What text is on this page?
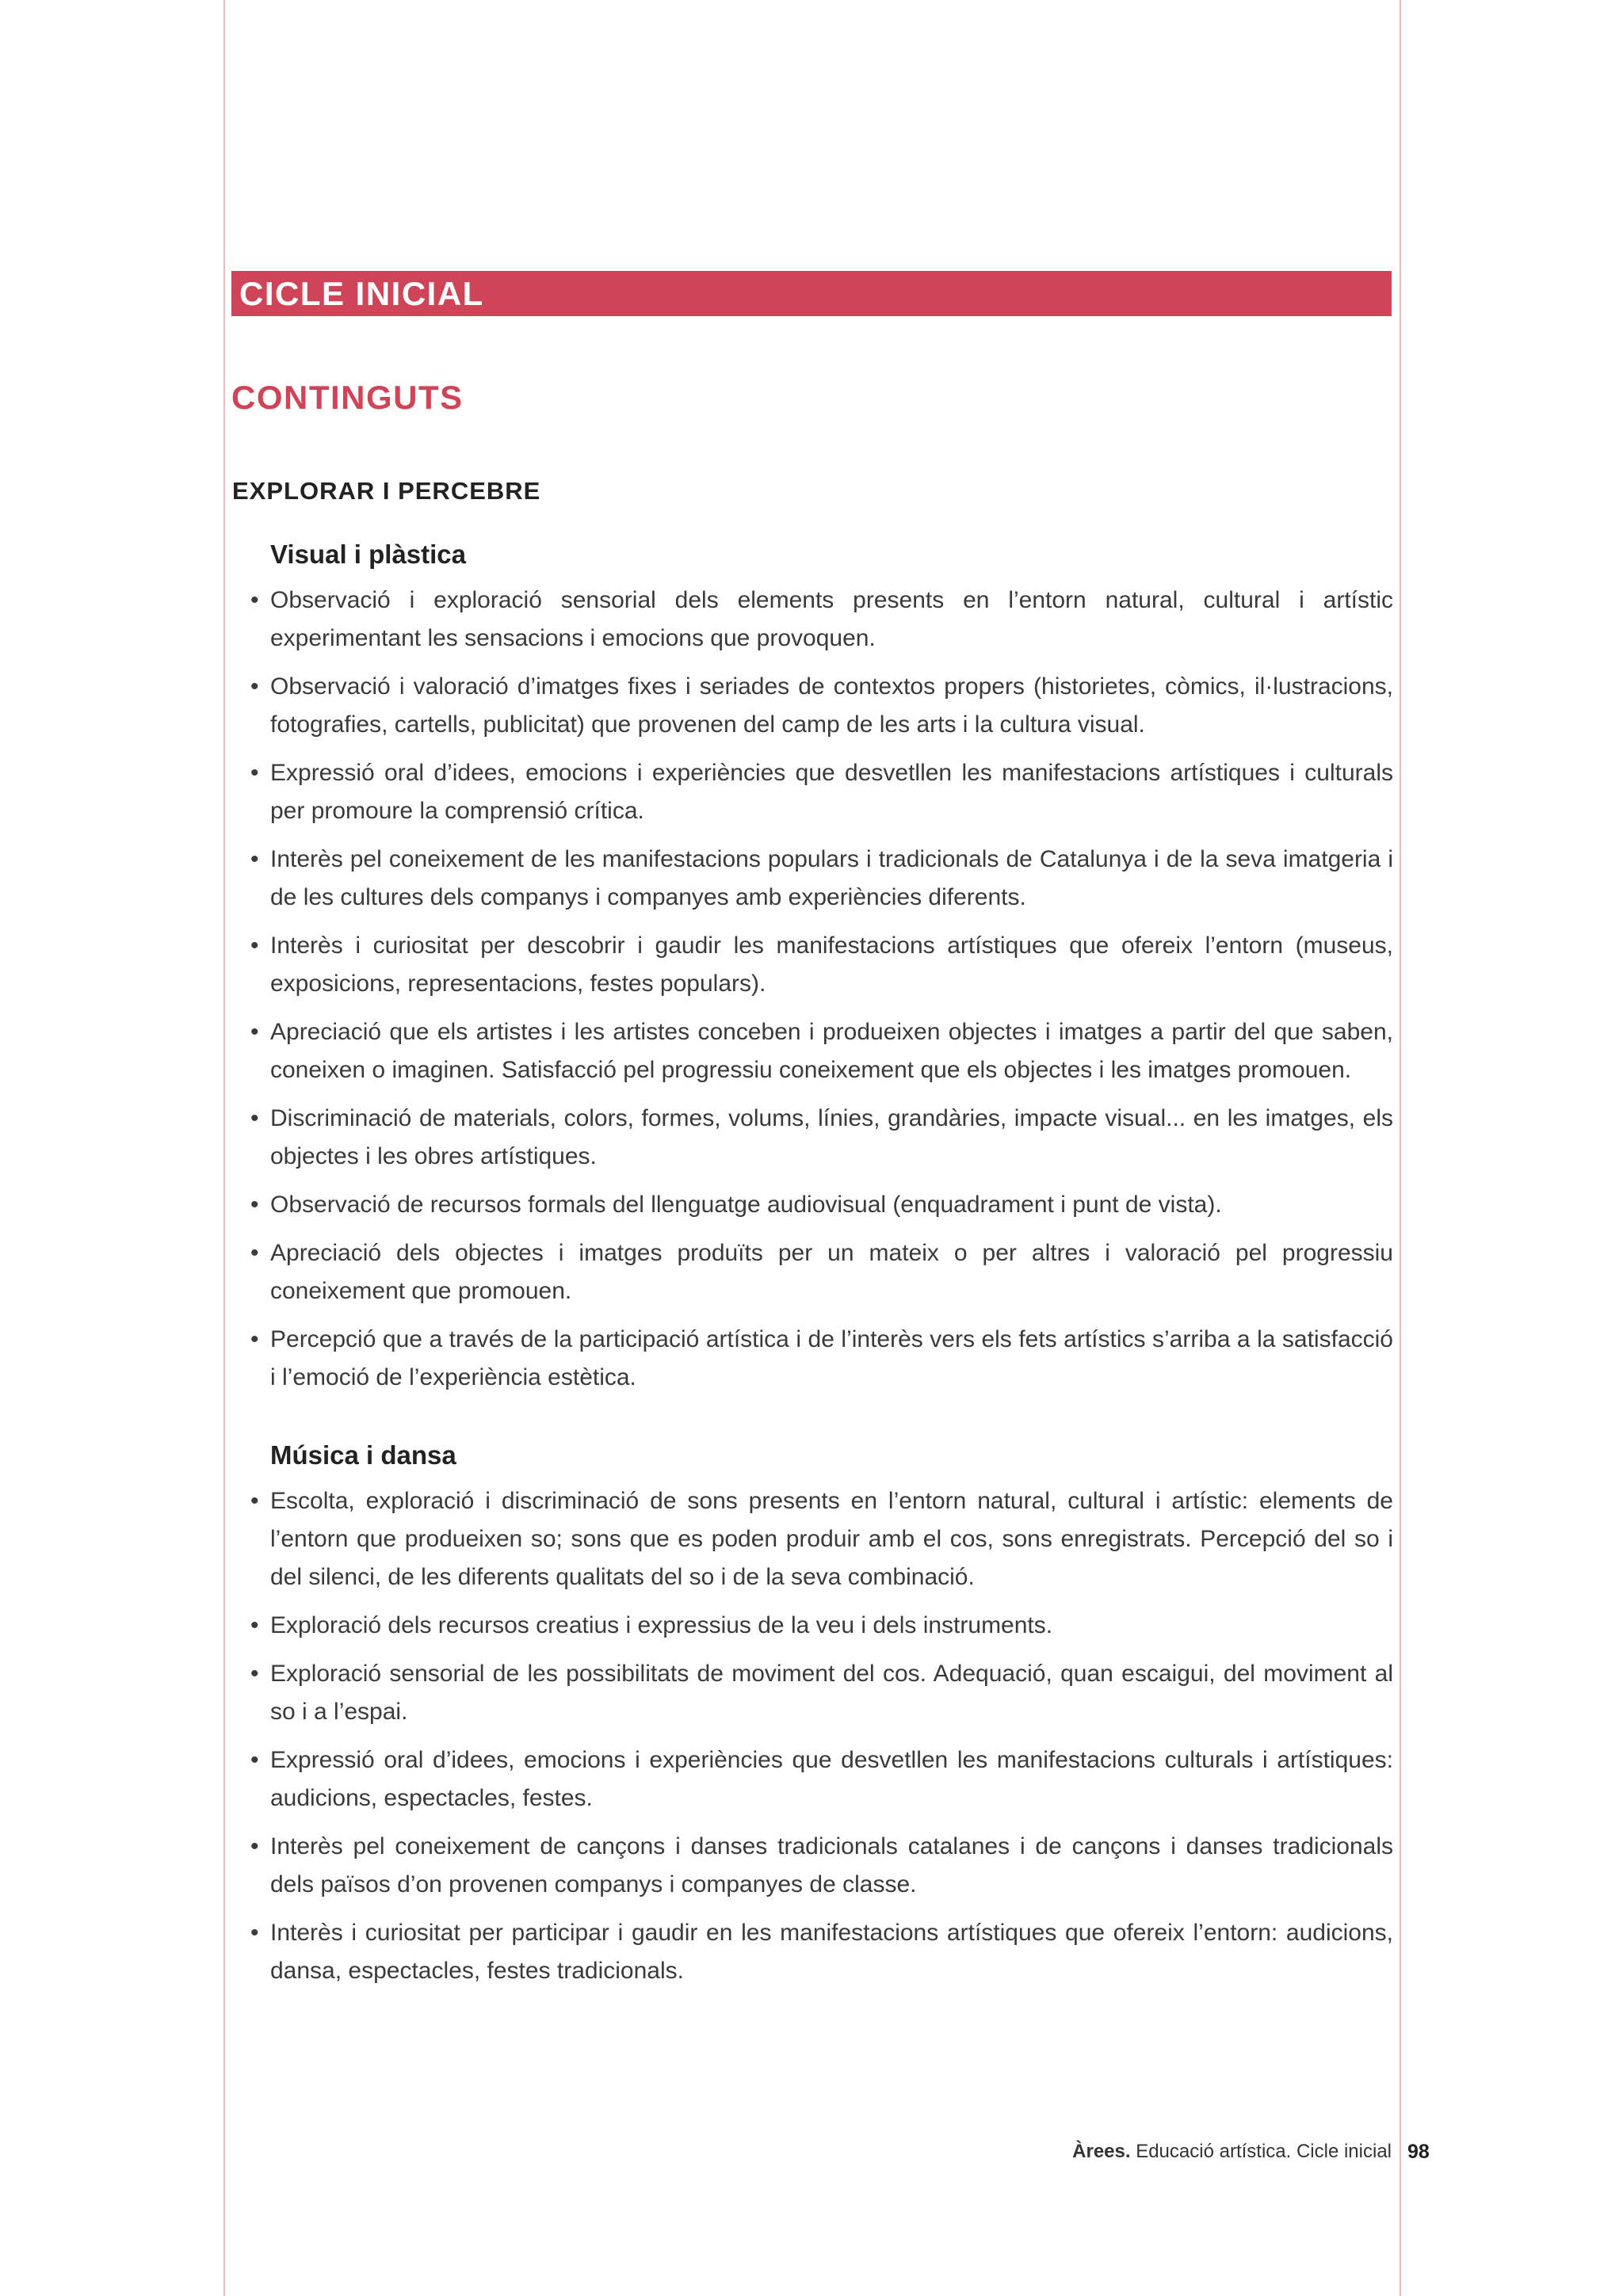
CICLE INICIAL
CONTINGUTS
EXPLORAR I PERCEBRE
Visual i plàstica
• Observació i exploració sensorial dels elements presents en l’entorn natural, cultural i artístic experimentant les sensacions i emocions que provoquen.
• Observació i valoració d’imatges fixes i seriades de contextos propers (historietes, còmics, il·lustracions, fotografies, cartells, publicitat) que provenen del camp de les arts i la cultura visual.
• Expressió oral d’idees, emocions i experiències que desvetllen les manifestacions artístiques i culturals per promoure la comprensió crítica.
• Interès pel coneixement de les manifestacions populars i tradicionals de Catalunya i de la seva imatgeria i de les cultures dels companys i companyes amb experiències diferents.
• Interès i curiositat per descobrir i gaudir les manifestacions artístiques que ofereix l’entorn (museus, exposicions, representacions, festes populars).
• Apreciació que els artistes i les artistes conceben i produeixen objectes i imatges a partir del que saben, coneixen o imaginen. Satisfacció pel progressiu coneixement que els objectes i les imatges promouen.
• Discriminació de materials, colors, formes, volums, línies, grandàries, impacte visual... en les imatges, els objectes i les obres artístiques.
• Observació de recursos formals del llenguatge audiovisual (enquadrament i punt de vista).
• Apreciació dels objectes i imatges produïts per un mateix o per altres i valoració pel progressiu coneixement que promouen.
• Percepció que a través de la participació artística i de l’interès vers els fets artístics s’arriba a la satisfacció i l’emoció de l’experiència estètica.
Música i dansa
• Escolta, exploració i discriminació de sons presents en l’entorn natural, cultural i artístic: elements de l’entorn que produeixen so; sons que es poden produir amb el cos, sons enregistrats. Percepció del so i del silenci, de les diferents qualitats del so i de la seva combinació.
• Exploració dels recursos creatius i expressius de la veu i dels instruments.
• Exploració sensorial de les possibilitats de moviment del cos. Adequació, quan escaigui, del moviment al so i a l’espai.
• Expressió oral d’idees, emocions i experiències que desvetllen les manifestacions culturals i artístiques: audicions, espectacles, festes.
• Interès pel coneixement de cançons i danses tradicionals catalanes i de cançons i danses tradicionals dels països d’on provenen companys i companyes de classe.
• Interès i curiositat per participar i gaudir en les manifestacions artístiques que ofereix l’entorn: audicions, dansa, espectacles, festes tradicionals.
Àrees. Educació artística. Cicle inicial 98
